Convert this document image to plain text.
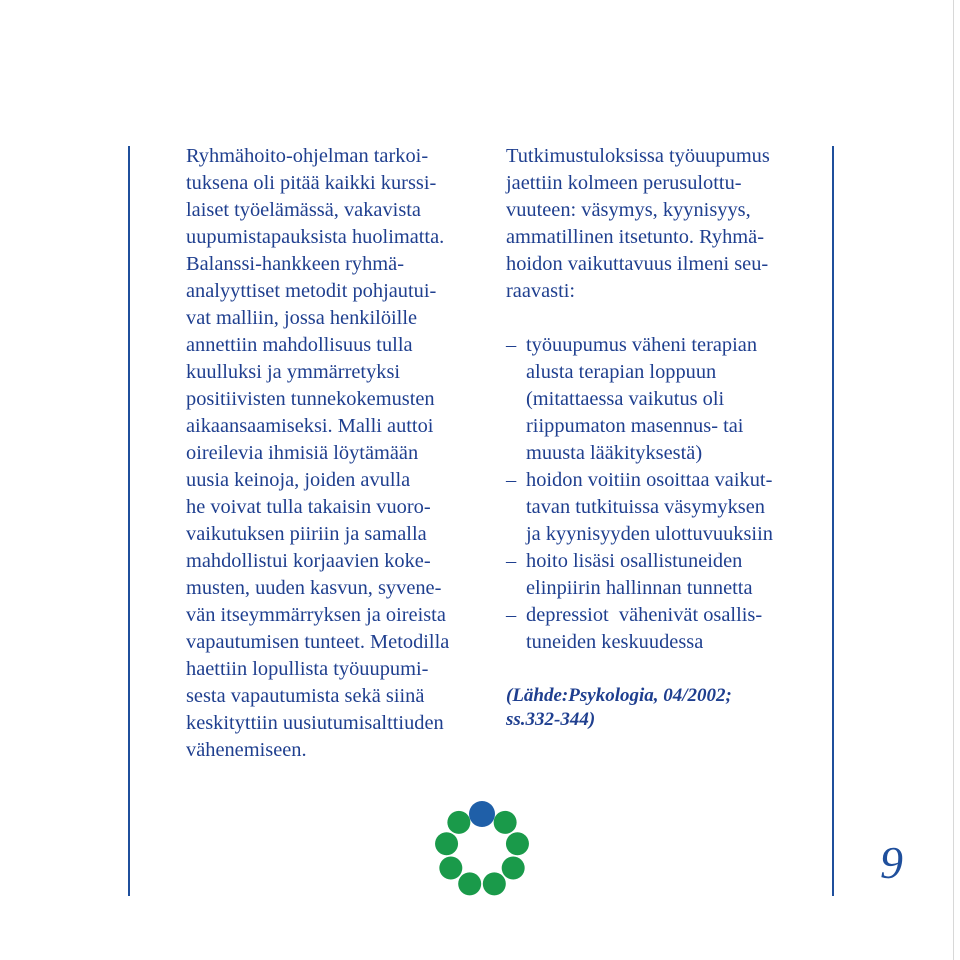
Ryhmähoito-ohjelman tarkoi-
tuksena oli pitää kaikki kurssi-
laiset työelämässä, vakavista
uupumistapauksista huolimatta.
Balanssi-hankkeen ryhmä-
analyyttiset metodit pohjautui-
vat malliin, jossa henkilöille
annettiin mahdollisuus tulla
kuulluksi ja ymmärretyksi
positiivisten tunnekokemusten
aikaansaamiseksi. Malli auttoi
oireilevia ihmisiä löytämään
uusia keinoja, joiden avulla
he voivat tulla takaisin vuoro-
vaikutuksen piiriin ja samalla
mahdollistui korjaavien koke-
musten, uuden kasvun, syvene-
vän itseymmärryksen ja oireista
vapautumisen tunteet. Metodilla
haettiin lopullista työuupumi-
sesta vapautumista sekä siinä
keskityttiin uusiutumisalttiuden
vähenemiseen.
Tutkimustuloksissa työuupumus
jaettiin kolmeen perusulottu-
vuuteen: väsymys, kyynisyys,
ammatillinen itsetunto. Ryhmä-
hoidon vaikuttavuus ilmeni seu-
raavasti:
– työuupumus väheni terapian
alusta terapian loppuun
(mitattaessa vaikutus oli
riippumaton masennus- tai
muusta lääkityksestä)
– hoidon voitiin osoittaa vaikut-
tavan tutkituissa väsymyksen
ja kyynisyyden ulottuvuuksiin
– hoito lisäsi osallistuneiden
elinpiirin hallinnan tunnetta
– depressiot  vähenivät osallis-
tuneiden keskuudessa
(Lähde:Psykologia, 04/2002;
ss.332-344)
9
